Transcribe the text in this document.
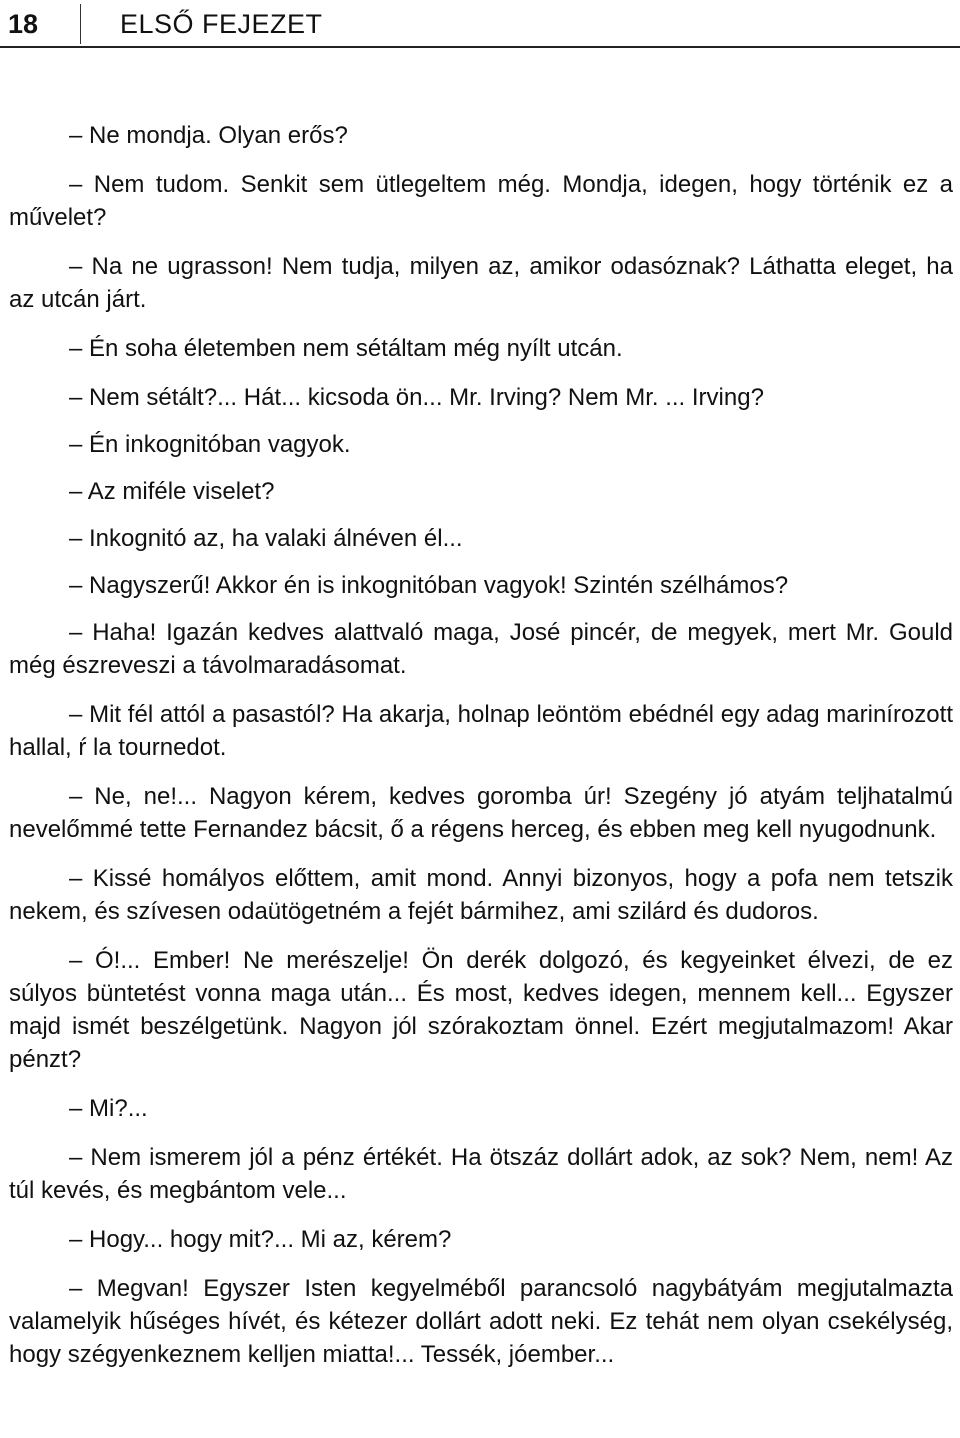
18	ELSŐ FEJEZET

– Ne mondja. Olyan erős?

– Nem tudom. Senkit sem ütlegeltem még. Mondja, idegen, hogy történik ez a művelet?

– Na ne ugrasson! Nem tudja, milyen az, amikor odasóznak? Láthatta eleget, ha az utcán járt.

– Én soha életemben nem sétáltam még nyílt utcán.

– Nem sétált?... Hát... kicsoda ön... Mr. Irving? Nem Mr. ... Irving?

– Én inkognitóban vagyok.

– Az miféle viselet?

– Inkognitó az, ha valaki álnéven él...

– Nagyszerű! Akkor én is inkognitóban vagyok! Szintén szélhámos?

– Haha! Igazán kedves alattvaló maga, José pincér, de megyek, mert Mr. Gould még észreveszi a távolmaradásomat.

– Mit fél attól a pasastól? Ha akarja, holnap leöntöm ebédnél egy adag marinírozott hallal, ŕ la tournedot.

– Ne, ne!... Nagyon kérem, kedves goromba úr! Szegény jó atyám teljhatalmú nevelőmmé tette Fernandez bácsit, ő a régens herceg, és ebben meg kell nyugodnunk.

– Kissé homályos előttem, amit mond. Annyi bizonyos, hogy a pofa nem tetszik nekem, és szívesen odaütögetném a fejét bármihez, ami szilárd és dudoros.

– Ó!... Ember! Ne merészelje! Ön derék dolgozó, és kegyeinket élvezi, de ez súlyos büntetést vonna maga után... És most, kedves idegen, mennem kell... Egyszer majd ismét beszélgetünk. Nagyon jól szórakoztam önnel. Ezért megjutalmazom! Akar pénzt?

– Mi?...

– Nem ismerem jól a pénz értékét. Ha ötszáz dollárt adok, az sok? Nem, nem! Az túl kevés, és megbántom vele...

– Hogy... hogy mit?... Mi az, kérem?

– Megvan! Egyszer Isten kegyelméből parancsoló nagybátyám megjutalmazta valamelyik hűséges hívét, és kétezer dollárt adott neki. Ez tehát nem olyan csekélység, hogy szégyenkeznem kelljen miatta!... Tessék, jóember...
